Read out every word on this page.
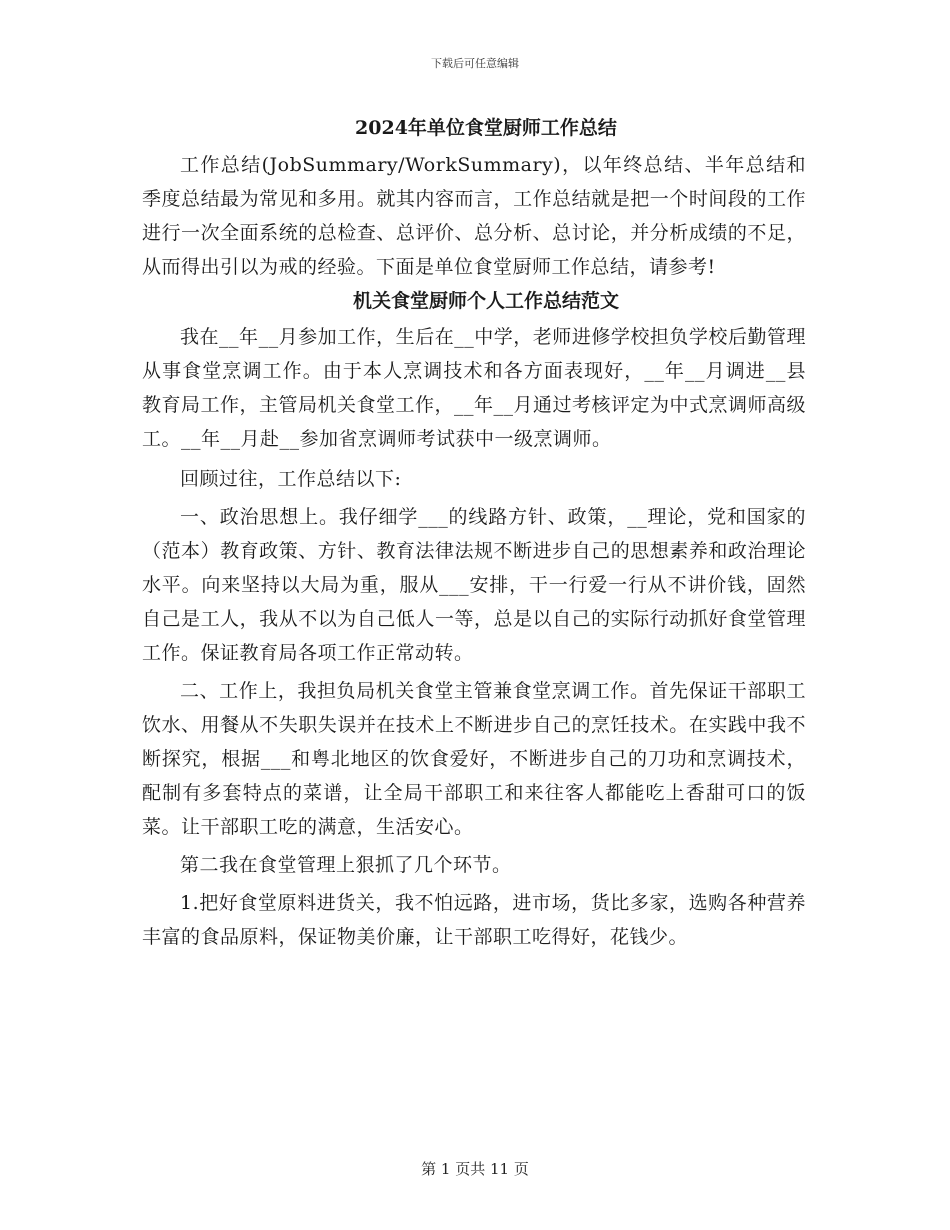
下载后可任意编辑
2024年单位食堂厨师工作总结

工作总结(JobSummary/WorkSummary)，以年终总结、半年总结和季度总结最为常见和多用。就其内容而言，工作总结就是把一个时间段的工作进行一次全面系统的总检查、总评价、总分析、总讨论，并分析成绩的不足，从而得出引以为戒的经验。下面是单位食堂厨师工作总结，请参考!

机关食堂厨师个人工作总结范文

我在__年__月参加工作，生后在__中学，老师进修学校担负学校后勤管理从事食堂烹调工作。由于本人烹调技术和各方面表现好，__年__月调进__县教育局工作，主管局机关食堂工作，__年__月通过考核评定为中式烹调师高级工。__年__月赴__参加省烹调师考试获中一级烹调师。

回顾过往，工作总结以下:

一、政治思想上。我仔细学___的线路方针、政策，__理论，党和国家的（范本）教育政策、方针、教育法律法规不断进步自己的思想素养和政治理论水平。向来坚持以大局为重，服从___安排，干一行爱一行从不讲价钱，固然自己是工人，我从不以为自己低人一等，总是以自己的实际行动抓好食堂管理工作。保证教育局各项工作正常动转。

二、工作上，我担负局机关食堂主管兼食堂烹调工作。首先保证干部职工饮水、用餐从不失职失误并在技术上不断进步自己的烹饪技术。在实践中我不断探究，根据___和粤北地区的饮食爱好，不断进步自己的刀功和烹调技术，配制有多套特点的菜谱，让全局干部职工和来往客人都能吃上香甜可口的饭菜。让干部职工吃的满意，生活安心。

第二我在食堂管理上狠抓了几个环节。

1.把好食堂原料进货关，我不怕远路，进市场，货比多家，选购各种营养丰富的食品原料，保证物美价廉，让干部职工吃得好，花钱少。

第 1 页共 11 页
